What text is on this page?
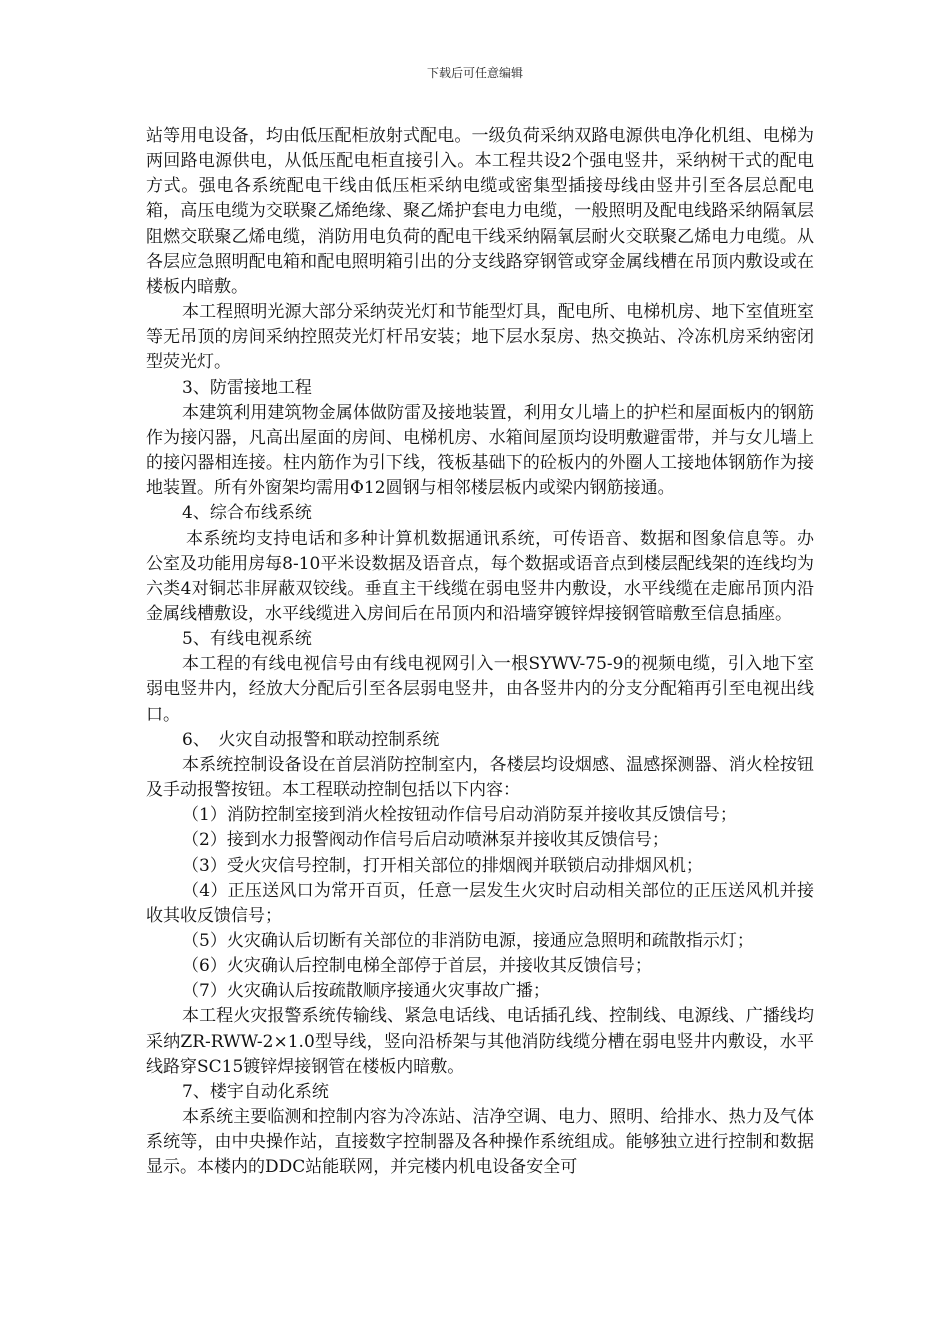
下载后可任意编辑

站等用电设备，均由低压配柜放射式配电。一级负荷采纳双路电源供电净化机组、电梯为两回路电源供电，从低压配电柜直接引入。本工程共设2个强电竖井，采纳树干式的配电方式。强电各系统配电干线由低压柜采纳电缆或密集型插接母线由竖井引至各层总配电箱，高压电缆为交联聚乙烯绝缘、聚乙烯护套电力电缆，一般照明及配电线路采纳隔氧层阻燃交联聚乙烯电缆，消防用电负荷的配电干线采纳隔氧层耐火交联聚乙烯电力电缆。从各层应急照明配电箱和配电照明箱引出的分支线路穿钢管或穿金属线槽在吊顶内敷设或在楼板内暗敷。

本工程照明光源大部分采纳荧光灯和节能型灯具，配电所、电梯机房、地下室值班室等无吊顶的房间采纳控照荧光灯杆吊安装；地下层水泵房、热交换站、冷冻机房采纳密闭型荧光灯。

3、防雷接地工程

本建筑利用建筑物金属体做防雷及接地装置，利用女儿墙上的护栏和屋面板内的钢筋作为接闪器，凡高出屋面的房间、电梯机房、水箱间屋顶均设明敷避雷带，并与女儿墙上的接闪器相连接。柱内筋作为引下线，筏板基础下的砼板内的外圈人工接地体钢筋作为接地装置。所有外窗架均需用Φ12圆钢与相邻楼层板内或梁内钢筋接通。

4、综合布线系统

本系统均支持电话和多种计算机数据通讯系统，可传语音、数据和图象信息等。办公室及功能用房每8-10平米设数据及语音点，每个数据或语音点到楼层配线架的连线均为六类4对铜芯非屏蔽双铰线。垂直主干线缆在弱电竖井内敷设，水平线缆在走廊吊顶内沿金属线槽敷设，水平线缆进入房间后在吊顶内和沿墙穿镀锌焊接钢管暗敷至信息插座。

5、有线电视系统

本工程的有线电视信号由有线电视网引入一根SYWV-75-9的视频电缆，引入地下室弱电竖井内，经放大分配后引至各层弱电竖井，由各竖井内的分支分配箱再引至电视出线口。

6、　火灾自动报警和联动控制系统

本系统控制设备设在首层消防控制室内，各楼层均设烟感、温感探测器、消火栓按钮及手动报警按钮。本工程联动控制包括以下内容：

（1）消防控制室接到消火栓按钮动作信号启动消防泵并接收其反馈信号；

（2）接到水力报警阀动作信号后启动喷淋泵并接收其反馈信号；

（3）受火灾信号控制，打开相关部位的排烟阀并联锁启动排烟风机；

（4）正压送风口为常开百页，任意一层发生火灾时启动相关部位的正压送风机并接收其收反馈信号；

（5）火灾确认后切断有关部位的非消防电源，接通应急照明和疏散指示灯；

（6）火灾确认后控制电梯全部停于首层，并接收其反馈信号；

（7）火灾确认后按疏散顺序接通火灾事故广播；

本工程火灾报警系统传输线、紧急电话线、电话插孔线、控制线、电源线、广播线均采纳ZR-RWW-2×1.0型导线，竖向沿桥架与其他消防线缆分槽在弱电竖井内敷设，水平线路穿SC15镀锌焊接钢管在楼板内暗敷。

7、楼宇自动化系统

本系统主要临测和控制内容为冷冻站、洁净空调、电力、照明、给排水、热力及气体系统等，由中央操作站，直接数字控制器及各种操作系统组成。能够独立进行控制和数据显示。本楼内的DDC站能联网，并完楼内机电设备安全可
